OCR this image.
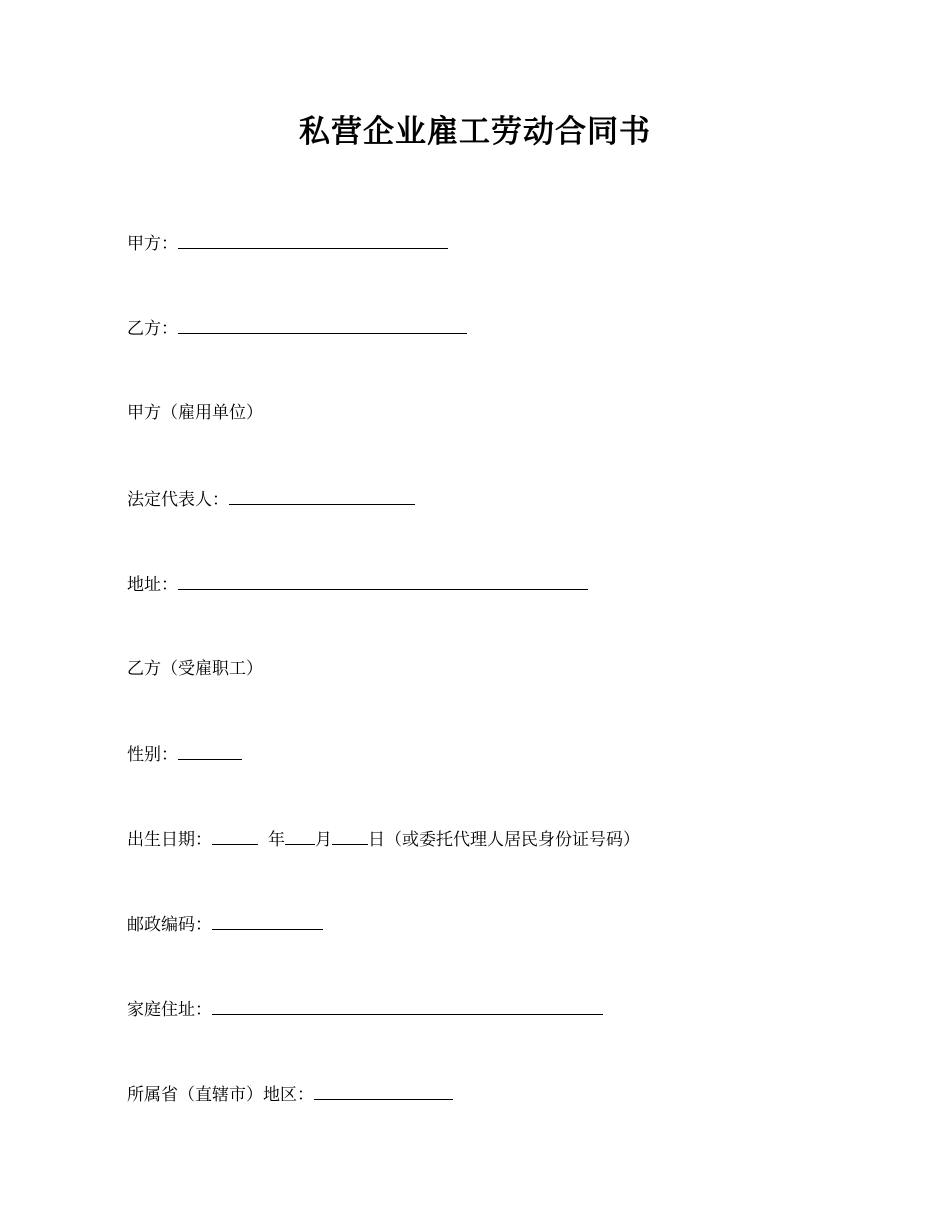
私营企业雇工劳动合同书
甲方：
乙方：
甲方（雇用单位）
法定代表人：
地址：
乙方（受雇职工）
性别：
出生日期：	年 月 日（或委托代理人居民身份证号码）
邮政编码：
家庭住址：
所属省（直辖市）地区：
